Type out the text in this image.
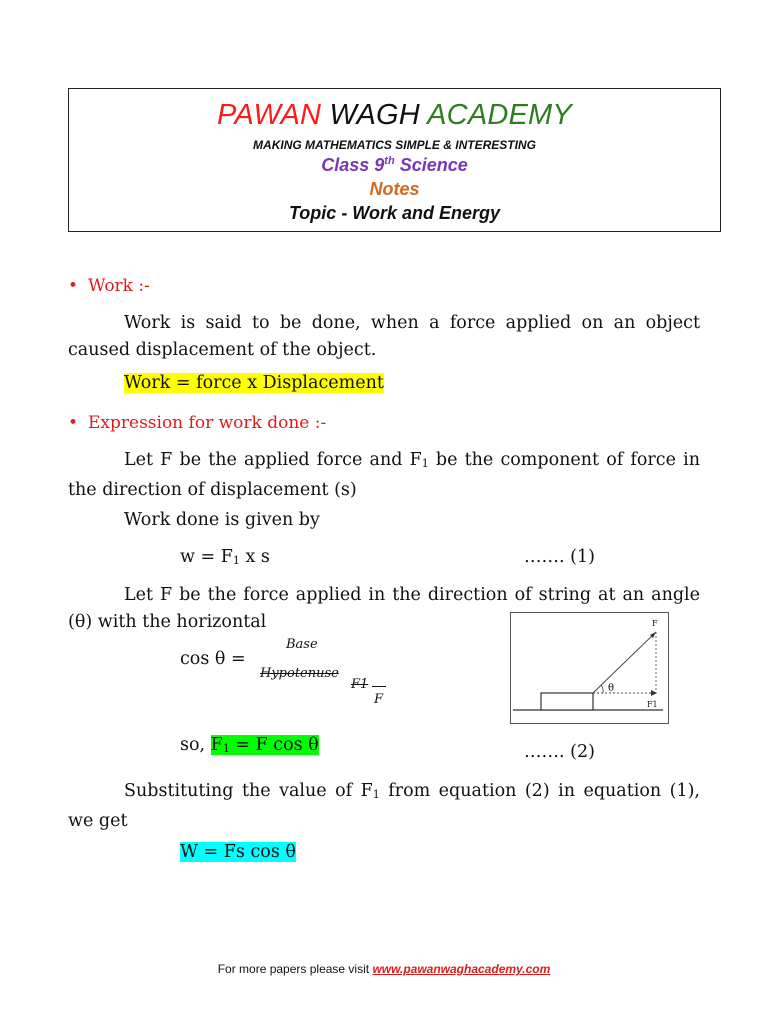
PAWAN WAGH ACADEMY
MAKING MATHEMATICS SIMPLE & INTERESTING
Class 9th Science
Notes
Topic - Work and Energy
• Work :-
Work is said to be done, when a force applied on an object caused displacement of the object.
Work = force x Displacement
• Expression for work done :-
Let F be the applied force and F1 be the component of force in the direction of displacement (s)
Work done is given by
w = F1 x s	……. (1)
Let F be the force applied in the direction of string at an angle (θ) with the horizontal
cos θ =
Base
Hypotenuse
F1
F
so, F1 = F cos θ	……. (2)
Substituting the value of F1 from equation (2) in equation (1), we get
W = Fs cos θ
F
θ
F1
For more papers please visit www.pawanwaghacademy.com
